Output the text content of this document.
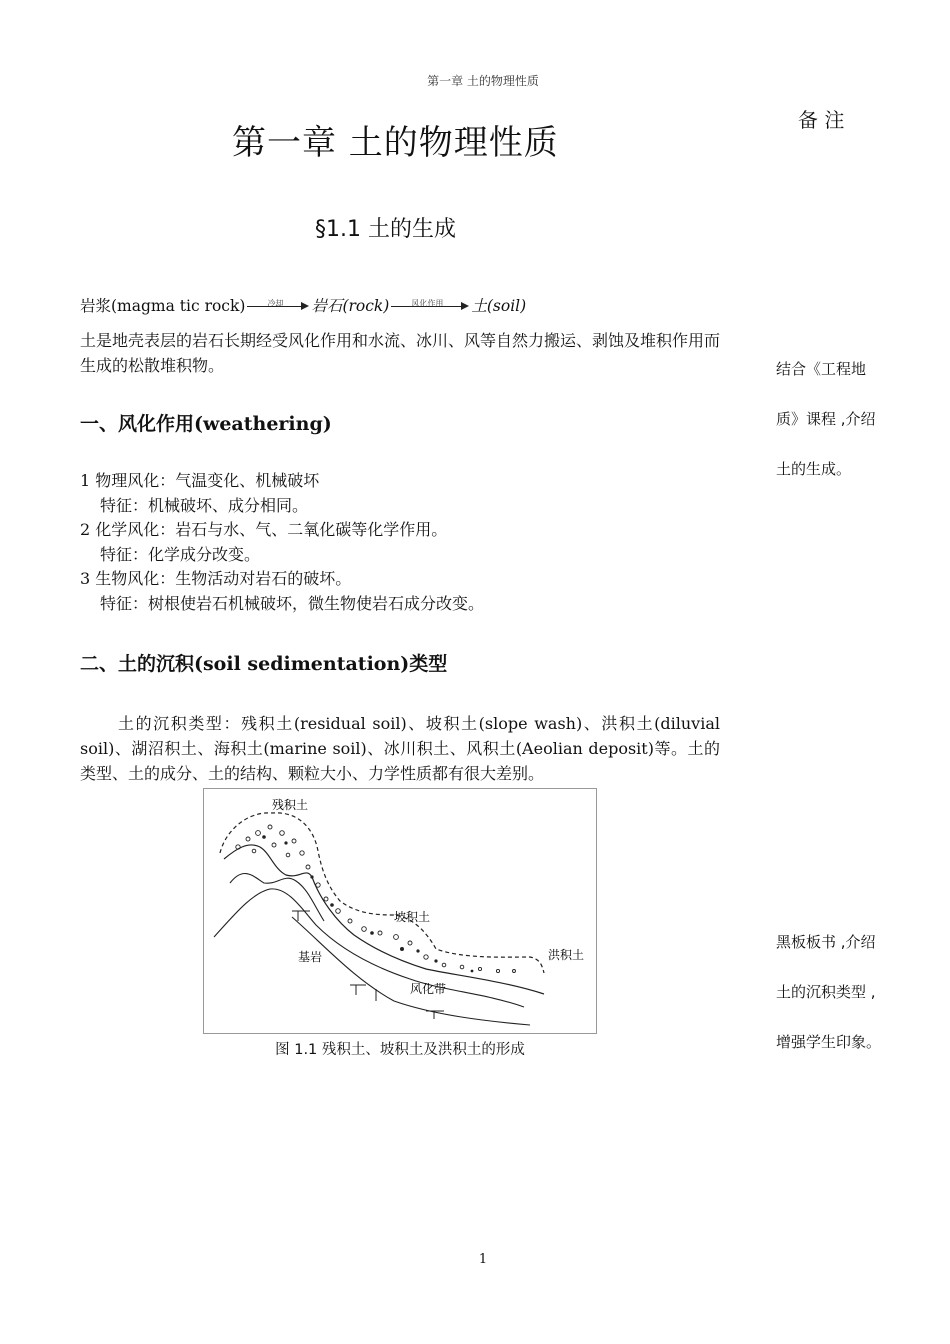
第一章 土的物理性质
第一章 土的物理性质
备 注
§1.1 土的生成
岩浆(magma tic rock)	冷却	岩石(rock)	风化作用	土(soil)
土是地壳表层的岩石长期经受风化作用和水流、冰川、风等自然力搬运、剥蚀及堆积作用而生成的松散堆积物。
一、风化作用(weathering)
1 物理风化：气温变化、机械破坏
特征：机械破坏、成分相同。
2 化学风化：岩石与水、气、二氧化碳等化学作用。
特征：化学成分改变。
3 生物风化：生物活动对岩石的破坏。
特征：树根使岩石机械破坏，微生物使岩石成分改变。
二、土的沉积(soil sedimentation)类型
土的沉积类型：残积土(residual soil)、坡积土(slope wash)、洪积土(diluvial soil)、湖沼积土、海积土(marine soil)、冰川积土、风积土(Aeolian deposit)等。土的类型、土的成分、土的结构、颗粒大小、力学性质都有很大差别。
残积土
坡积土
洪积土
基岩
风化带
图 1.1 残积土、坡积土及洪积土的形成
结合《工程地
质》课程 ,介绍
土的生成。
黑板板书 ,介绍
土的沉积类型 ,
增强学生印象。
1
